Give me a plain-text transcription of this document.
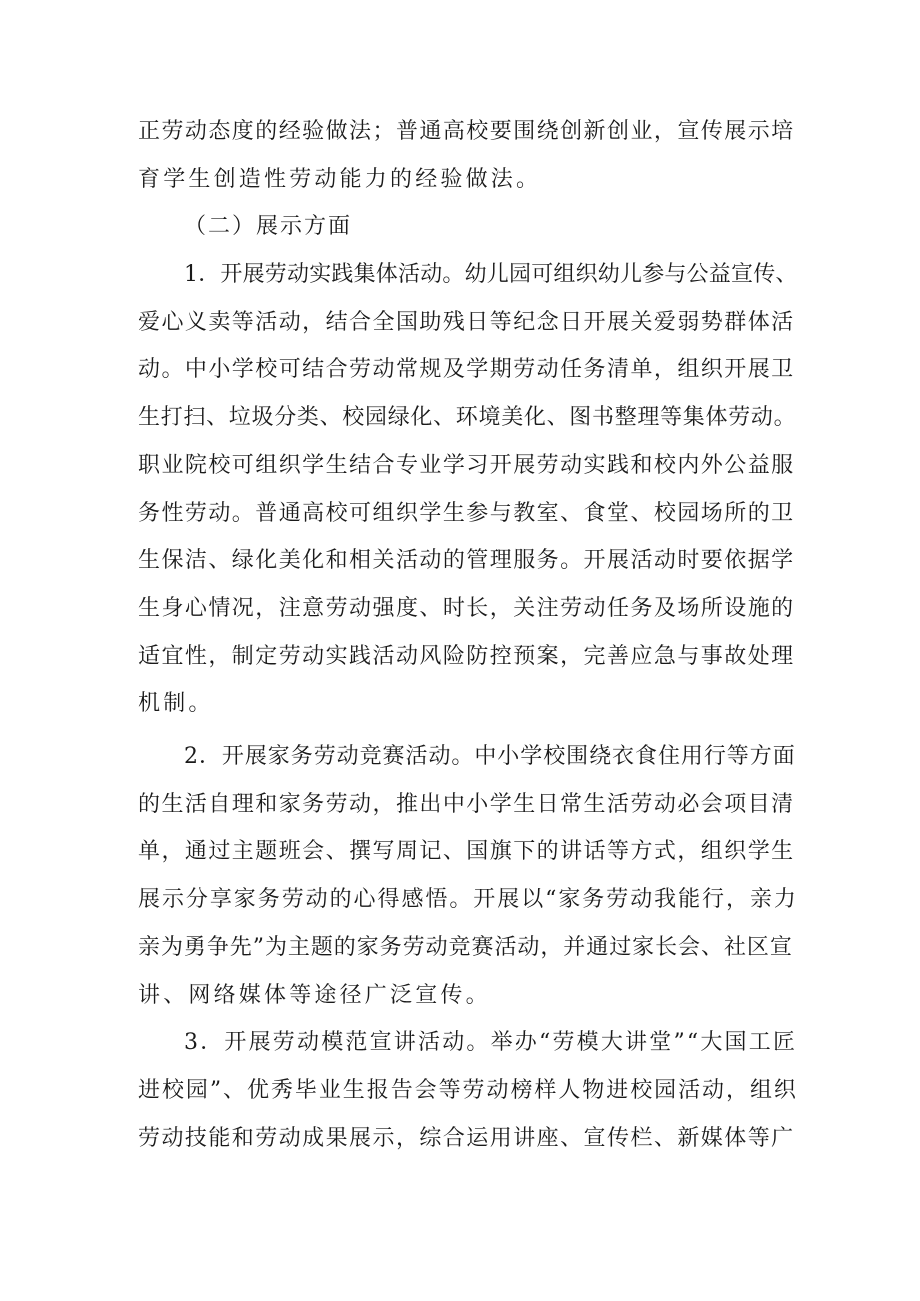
正劳动态度的经验做法；普通高校要围绕创新创业，宣传展示培
育学生创造性劳动能力的经验做法。
（二）展示方面
1．开展劳动实践集体活动。幼儿园可组织幼儿参与公益宣传、
爱心义卖等活动，结合全国助残日等纪念日开展关爱弱势群体活
动。中小学校可结合劳动常规及学期劳动任务清单，组织开展卫
生打扫、垃圾分类、校园绿化、环境美化、图书整理等集体劳动。
职业院校可组织学生结合专业学习开展劳动实践和校内外公益服
务性劳动。普通高校可组织学生参与教室、食堂、校园场所的卫
生保洁、绿化美化和相关活动的管理服务。开展活动时要依据学
生身心情况，注意劳动强度、时长，关注劳动任务及场所设施的
适宜性，制定劳动实践活动风险防控预案，完善应急与事故处理
机制。
2．开展家务劳动竞赛活动。中小学校围绕衣食住用行等方面
的生活自理和家务劳动，推出中小学生日常生活劳动必会项目清
单，通过主题班会、撰写周记、国旗下的讲话等方式，组织学生
展示分享家务劳动的心得感悟。开展以“家务劳动我能行，亲力
亲为勇争先”为主题的家务劳动竞赛活动，并通过家长会、社区宣
讲、网络媒体等途径广泛宣传。
3．开展劳动模范宣讲活动。举办“劳模大讲堂”“大国工匠
进校园”、优秀毕业生报告会等劳动榜样人物进校园活动，组织
劳动技能和劳动成果展示，综合运用讲座、宣传栏、新媒体等广
